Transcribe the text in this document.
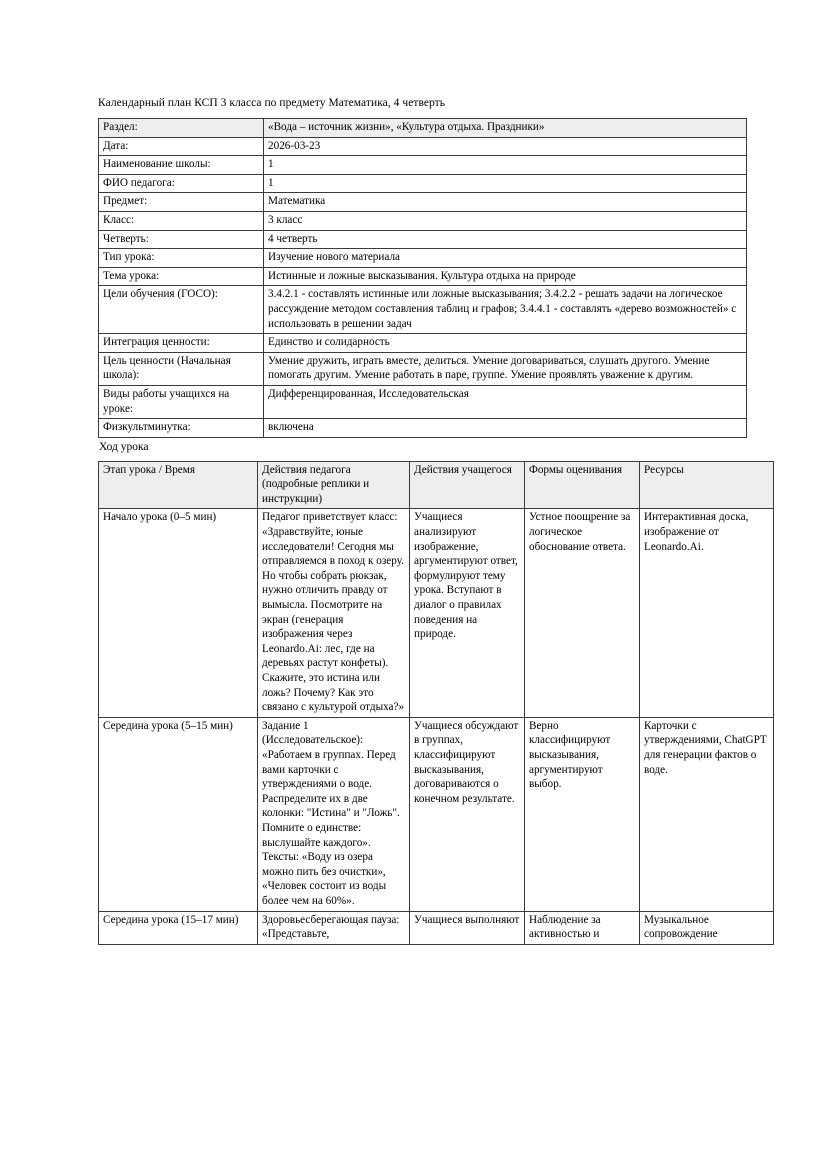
Календарный план КСП 3 класса по предмету Математика, 4 четверть

Раздел:	«Вода – источник жизни», «Культура отдыха. Праздники»
Дата:	2026-03-23
Наименование школы:	1
ФИО педагога:	1
Предмет:	Математика
Класс:	3 класс
Четверть:	4 четверть
Тип урока:	Изучение нового материала
Тема урока:	Истинные и ложные высказывания. Культура отдыха на природе
Цели обучения (ГОСО):	3.4.2.1 - составлять истинные или ложные высказывания; 3.4.2.2 - решать задачи на логическое рассуждение методом составления таблиц и графов; 3.4.4.1 - составлять «дерево возможностей» с использовать в решении задач
Интеграция ценности:	Единство и солидарность
Цель ценности (Начальная школа):	Умение дружить, играть вместе, делиться. Умение договариваться, слушать другого. Умение помогать другим. Умение работать в паре, группе. Умение проявлять уважение к другим.
Виды работы учащихся на уроке:	Дифференцированная, Исследовательская
Физкультминутка:	включена
Ход урока
Этап урока / Время	Действия педагога (подробные реплики и инструкции)	Действия учащегося	Формы оценивания	Ресурсы
Начало урока (0–5 мин)	Педагог приветствует класс: «Здравствуйте, юные исследователи! Сегодня мы отправляемся в поход к озеру. Но чтобы собрать рюкзак, нужно отличить правду от вымысла. Посмотрите на экран (генерация изображения через Leonardo.Ai: лес, где на деревьях растут конфеты). Скажите, это истина или ложь? Почему? Как это связано с культурой отдыха?»	Учащиеся анализируют изображение, аргументируют ответ, формулируют тему урока. Вступают в диалог о правилах поведения на природе.	Устное поощрение за логическое обоснование ответа.	Интерактивная доска, изображение от Leonardo.Ai.
Середина урока (5–15 мин)	Задание 1 (Исследовательское): «Работаем в группах. Перед вами карточки с утверждениями о воде. Распределите их в две колонки: "Истина" и "Ложь". Помните о единстве: выслушайте каждого». Тексты: «Воду из озера можно пить без очистки», «Человек состоит из воды более чем на 60%».	Учащиеся обсуждают в группах, классифицируют высказывания, договариваются о конечном результате.	Верно классифицируют высказывания, аргументируют выбор.	Карточки с утверждениями, ChatGPT для генерации фактов о воде.
Середина урока (15–17 мин)	Здоровьесберегающая пауза: «Представьте,	Учащиеся выполняют	Наблюдение за активностью и	Музыкальное сопровождение
